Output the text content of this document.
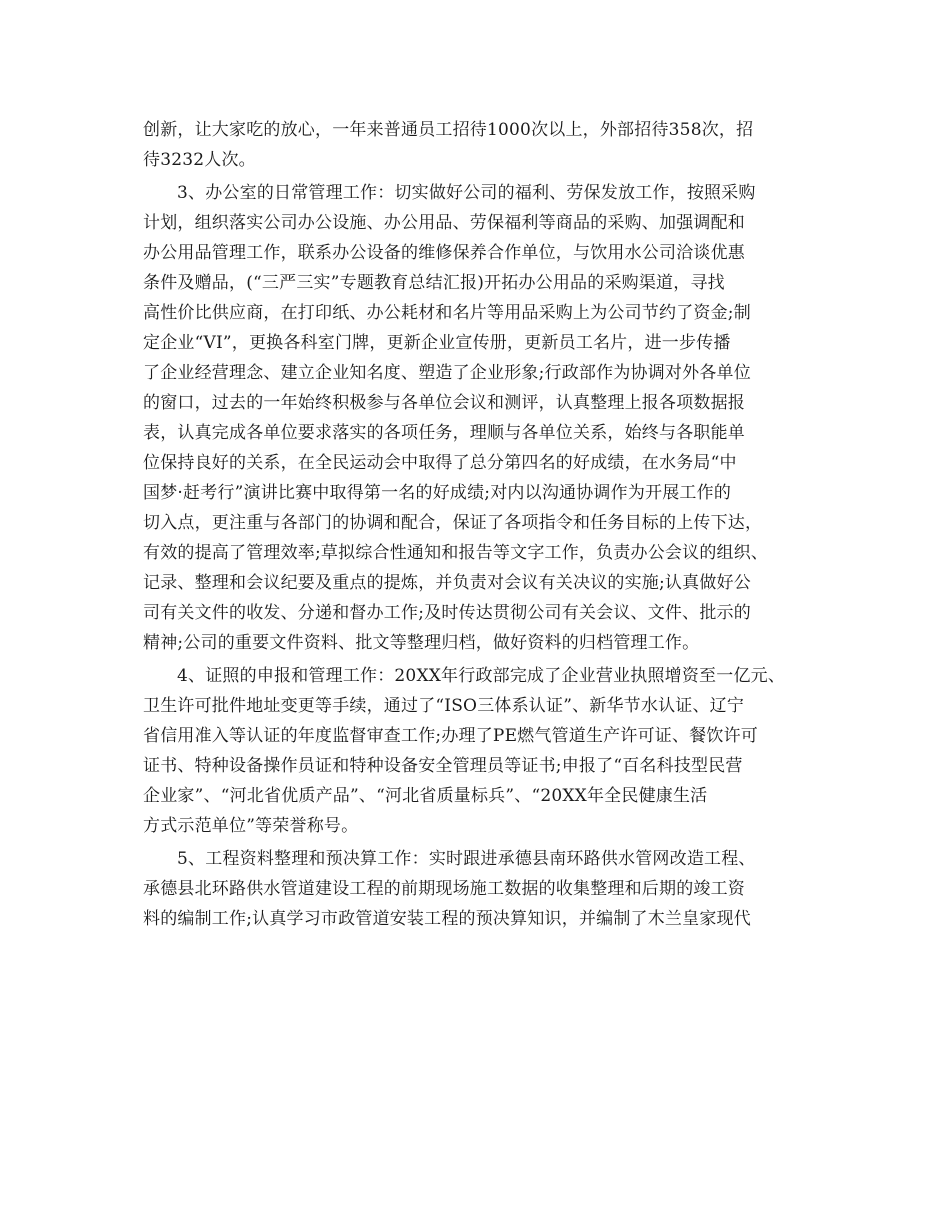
创新，让大家吃的放心，一年来普通员工招待1000次以上，外部招待358次，招
待3232人次。
3、办公室的日常管理工作：切实做好公司的福利、劳保发放工作，按照采购
计划，组织落实公司办公设施、办公用品、劳保福利等商品的采购、加强调配和
办公用品管理工作，联系办公设备的维修保养合作单位，与饮用水公司洽谈优惠
条件及赠品，(“三严三实”专题教育总结汇报)开拓办公用品的采购渠道，寻找
高性价比供应商，在打印纸、办公耗材和名片等用品采购上为公司节约了资金;制
定企业“VI”，更换各科室门牌，更新企业宣传册，更新员工名片，进一步传播
了企业经营理念、建立企业知名度、塑造了企业形象;行政部作为协调对外各单位
的窗口，过去的一年始终积极参与各单位会议和测评，认真整理上报各项数据报
表，认真完成各单位要求落实的各项任务，理顺与各单位关系，始终与各职能单
位保持良好的关系，在全民运动会中取得了总分第四名的好成绩，在水务局“中
国梦·赶考行”演讲比赛中取得第一名的好成绩;对内以沟通协调作为开展工作的
切入点，更注重与各部门的协调和配合，保证了各项指令和任务目标的上传下达，
有效的提高了管理效率;草拟综合性通知和报告等文字工作，负责办公会议的组织、
记录、整理和会议纪要及重点的提炼，并负责对会议有关决议的实施;认真做好公
司有关文件的收发、分递和督办工作;及时传达贯彻公司有关会议、文件、批示的
精神;公司的重要文件资料、批文等整理归档，做好资料的归档管理工作。
4、证照的申报和管理工作：20XX年行政部完成了企业营业执照增资至一亿元、
卫生许可批件地址变更等手续，通过了“ISO三体系认证”、新华节水认证、辽宁
省信用准入等认证的年度监督审查工作;办理了PE燃气管道生产许可证、餐饮许可
证书、特种设备操作员证和特种设备安全管理员等证书;申报了“百名科技型民营
企业家”、“河北省优质产品”、“河北省质量标兵”、“20XX年全民健康生活
方式示范单位”等荣誉称号。
5、工程资料整理和预决算工作：实时跟进承德县南环路供水管网改造工程、
承德县北环路供水管道建设工程的前期现场施工数据的收集整理和后期的竣工资
料的编制工作;认真学习市政管道安装工程的预决算知识，并编制了木兰皇家现代
